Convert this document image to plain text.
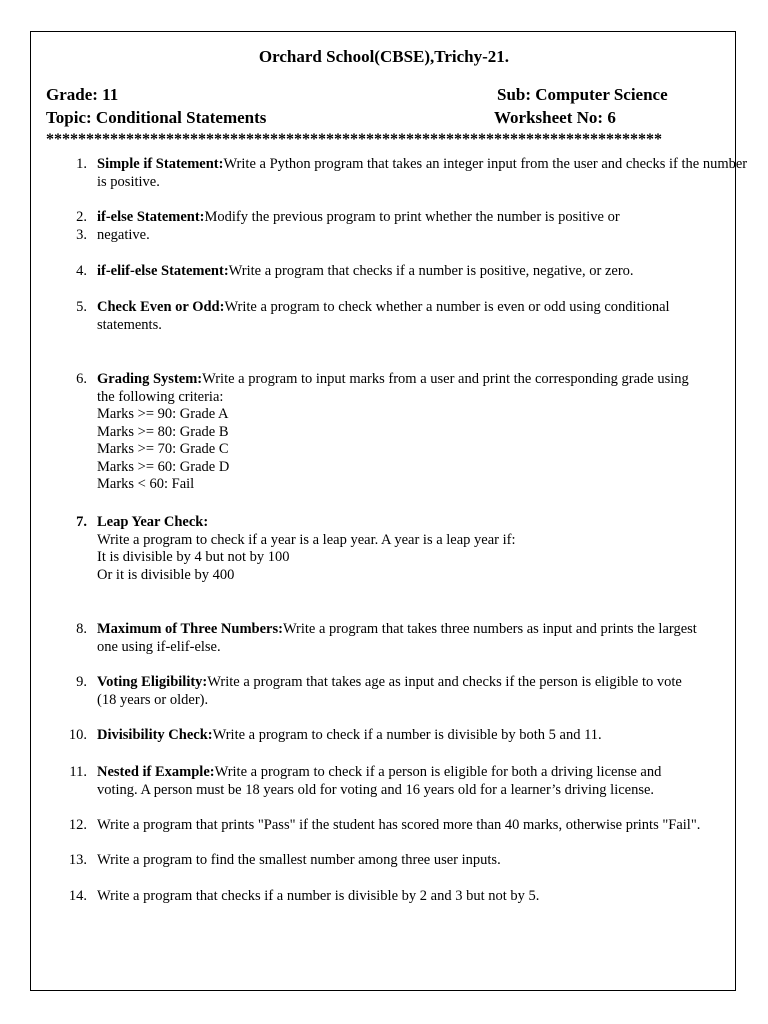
Orchard School(CBSE),Trichy-21.
Grade: 11	Sub: Computer Science
Topic: Conditional Statements	Worksheet No: 6
*****************************************************************************
1. Simple if Statement:Write a Python program that takes an integer input from the user and checks if the number
is positive.
2.
3.
if-else Statement:Modify the previous program to print whether the number is positive or
negative.
4. if-elif-else Statement:Write a program that checks if a number is positive, negative, or zero.
5. Check Even or Odd:Write a program to check whether a number is even or odd using conditional
statements.
6. Grading System:Write a program to input marks from a user and print the corresponding grade using
the following criteria:
Marks >= 90: Grade A
Marks >= 80: Grade B
Marks >= 70: Grade C
Marks >= 60: Grade D
Marks < 60: Fail
7. Leap Year Check:
Write a program to check if a year is a leap year. A year is a leap year if:
It is divisible by 4 but not by 100
Or it is divisible by 400
8. Maximum of Three Numbers:Write a program that takes three numbers as input and prints the largest
one using if-elif-else.
9. Voting Eligibility:Write a program that takes age as input and checks if the person is eligible to vote
(18 years or older).
10. Divisibility Check:Write a program to check if a number is divisible by both 5 and 11.
11. Nested if Example:Write a program to check if a person is eligible for both a driving license and
voting. A person must be 18 years old for voting and 16 years old for a learner’s driving license.
12. Write a program that prints "Pass" if the student has scored more than 40 marks, otherwise prints "Fail".
13. Write a program to find the smallest number among three user inputs.
14. Write a program that checks if a number is divisible by 2 and 3 but not by 5.
